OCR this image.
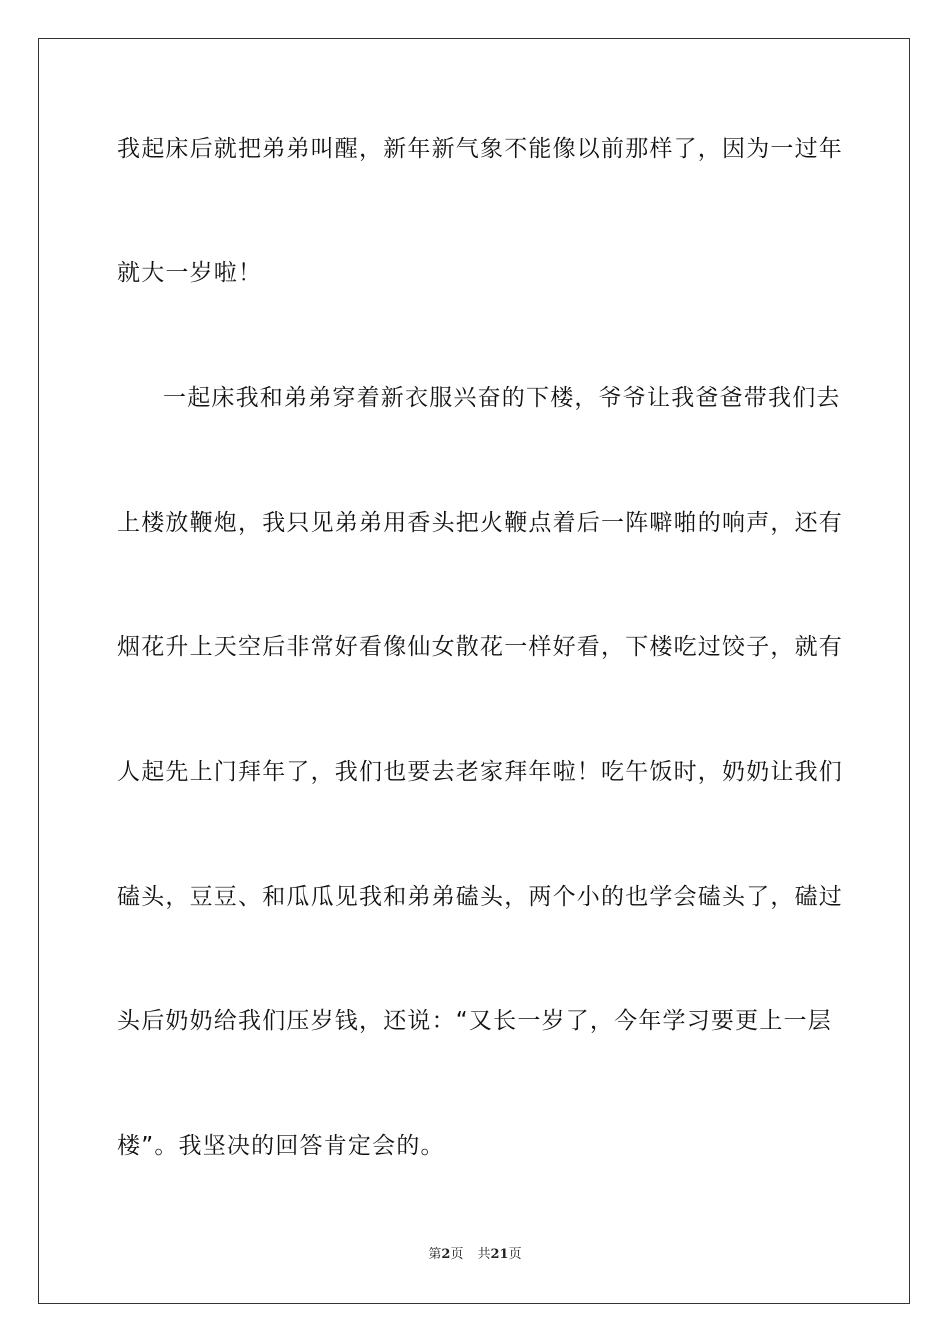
我起床后就把弟弟叫醒，新年新气象不能像以前那样了，因为一过年
就大一岁啦！
一起床我和弟弟穿着新衣服兴奋的下楼，爷爷让我爸爸带我们去
上楼放鞭炮，我只见弟弟用香头把火鞭点着后一阵噼啪的响声，还有
烟花升上天空后非常好看像仙女散花一样好看，下楼吃过饺子，就有
人起先上门拜年了，我们也要去老家拜年啦！吃午饭时，奶奶让我们
磕头，豆豆、和瓜瓜见我和弟弟磕头，两个小的也学会磕头了，磕过
头后奶奶给我们压岁钱，还说：“又长一岁了，今年学习要更上一层
楼”。我坚决的回答肯定会的。
第2页 共21页
